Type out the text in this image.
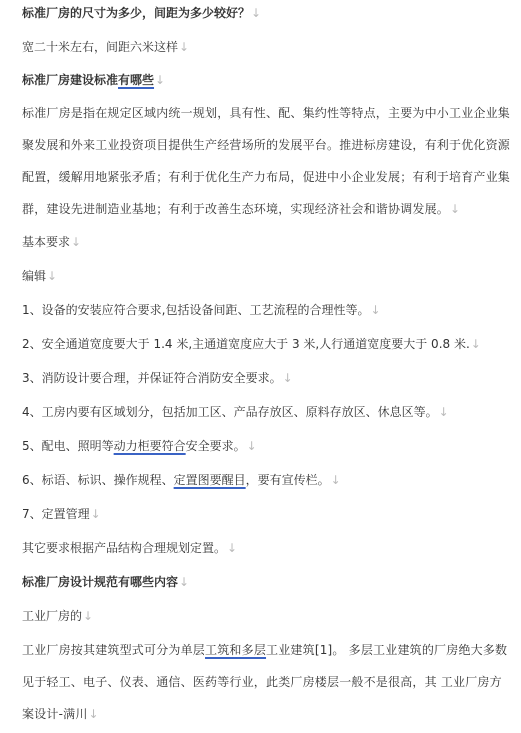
标准厂房的尺寸为多少，间距为多少较好？↓
宽二十米左右，间距六米这样↓
标准厂房建设标准有哪些↓
标准厂房是指在规定区域内统一规划，具有性、配、集约性等特点，主要为中小工业企业集
聚发展和外来工业投资项目提供生产经营场所的发展平台。推进标房建设，有利于优化资源
配置，缓解用地紧张矛盾；有利于优化生产力布局，促进中小企业发展；有利于培育产业集
群，建设先进制造业基地；有利于改善生态环境，实现经济社会和谐协调发展。↓
基本要求↓
编辑↓
1、设备的安装应符合要求,包括设备间距、工艺流程的合理性等。↓
2、安全通道宽度要大于 1.4 米,主通道宽度应大于 3 米,人行通道宽度要大于 0.8 米.↓
3、消防设计要合理，并保证符合消防安全要求。↓
4、工房内要有区域划分，包括加工区、产品存放区、原料存放区、休息区等。↓
5、配电、照明等动力柜要符合安全要求。↓
6、标语、标识、操作规程、定置图要醒目，要有宣传栏。↓
7、定置管理↓
其它要求根据产品结构合理规划定置。↓
标准厂房设计规范有哪些内容↓
工业厂房的↓
工业厂房按其建筑型式可分为单层工筑和多层工业建筑[1]。 多层工业建筑的厂房绝大多数
见于轻工、电子、仪表、通信、医药等行业，此类厂房楼层一般不是很高，其 工业厂房方
案设计-满川↓
